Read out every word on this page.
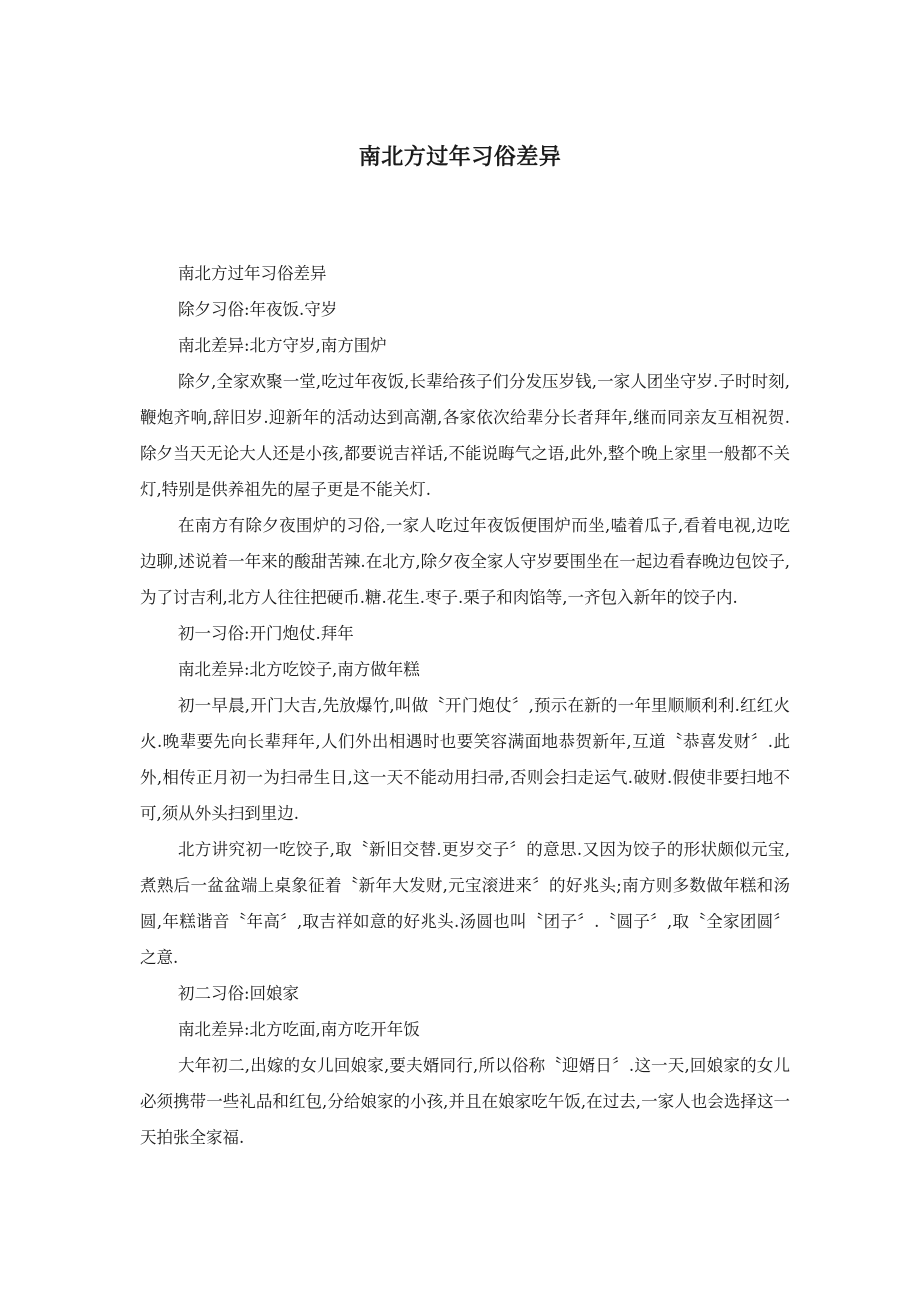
南北方过年习俗差异

南北方过年习俗差异

除夕习俗:年夜饭.守岁

南北差异:北方守岁,南方围炉

除夕,全家欢聚一堂,吃过年夜饭,长辈给孩子们分发压岁钱,一家人团坐守岁.子时时刻,鞭炮齐响,辞旧岁.迎新年的活动达到高潮,各家依次给辈分长者拜年,继而同亲友互相祝贺.除夕当天无论大人还是小孩,都要说吉祥话,不能说晦气之语,此外,整个晚上家里一般都不关灯,特别是供养祖先的屋子更是不能关灯.

在南方有除夕夜围炉的习俗,一家人吃过年夜饭便围炉而坐,嗑着瓜子,看着电视,边吃边聊,述说着一年来的酸甜苦辣.在北方,除夕夜全家人守岁要围坐在一起边看春晚边包饺子,为了讨吉利,北方人往往把硬币.糖.花生.枣子.栗子和肉馅等,一齐包入新年的饺子内.

初一习俗:开门炮仗.拜年

南北差异:北方吃饺子,南方做年糕

初一早晨,开门大吉,先放爆竹,叫做〝开门炮仗〞,预示在新的一年里顺顺利利.红红火火.晚辈要先向长辈拜年,人们外出相遇时也要笑容满面地恭贺新年,互道〝恭喜发财〞.此外,相传正月初一为扫帚生日,这一天不能动用扫帚,否则会扫走运气.破财.假使非要扫地不可,须从外头扫到里边.

北方讲究初一吃饺子,取〝新旧交替.更岁交子〞的意思.又因为饺子的形状颇似元宝,煮熟后一盆盆端上桌象征着〝新年大发财,元宝滚进来〞的好兆头;南方则多数做年糕和汤圆,年糕谐音〝年高〞,取吉祥如意的好兆头.汤圆也叫〝团子〞.〝圆子〞,取〝全家团圆〞之意.

初二习俗:回娘家

南北差异:北方吃面,南方吃开年饭

大年初二,出嫁的女儿回娘家,要夫婿同行,所以俗称〝迎婿日〞.这一天,回娘家的女儿必须携带一些礼品和红包,分给娘家的小孩,并且在娘家吃午饭,在过去,一家人也会选择这一天拍张全家福.
